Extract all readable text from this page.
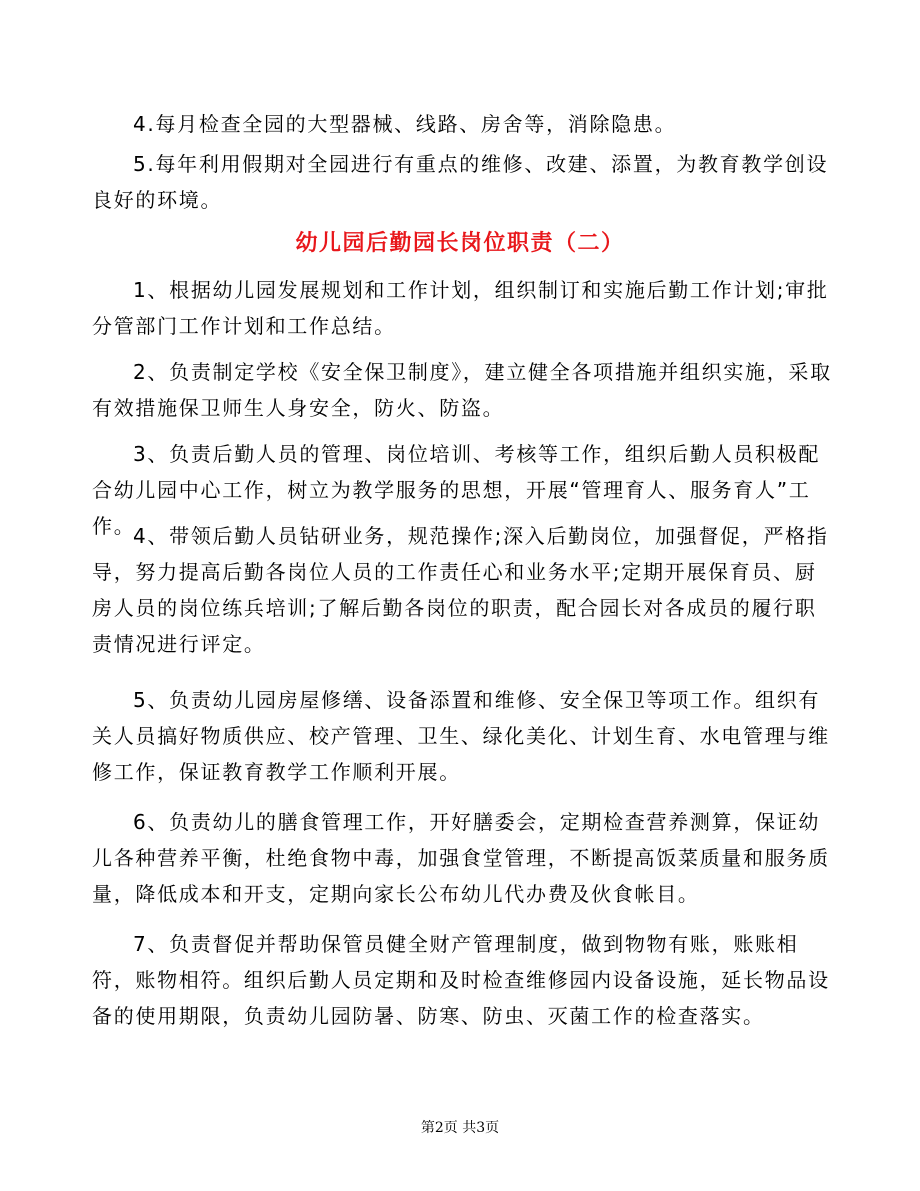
4.每月检查全园的大型器械、线路、房舍等，消除隐患。

5.每年利用假期对全园进行有重点的维修、改建、添置，为教育教学创设良好的环境。

幼儿园后勤园长岗位职责（二）

1、根据幼儿园发展规划和工作计划，组织制订和实施后勤工作计划;审批分管部门工作计划和工作总结。

2、负责制定学校《安全保卫制度》，建立健全各项措施并组织实施，采取有效措施保卫师生人身安全，防火、防盗。

3、负责后勤人员的管理、岗位培训、考核等工作，组织后勤人员积极配合幼儿园中心工作，树立为教学服务的思想，开展“管理育人、服务育人”工作。

4、带领后勤人员钻研业务，规范操作;深入后勤岗位，加强督促，严格指导，努力提高后勤各岗位人员的工作责任心和业务水平;定期开展保育员、厨房人员的岗位练兵培训;了解后勤各岗位的职责，配合园长对各成员的履行职责情况进行评定。

5、负责幼儿园房屋修缮、设备添置和维修、安全保卫等项工作。组织有关人员搞好物质供应、校产管理、卫生、绿化美化、计划生育、水电管理与维修工作，保证教育教学工作顺利开展。

6、负责幼儿的膳食管理工作，开好膳委会，定期检查营养测算，保证幼儿各种营养平衡，杜绝食物中毒，加强食堂管理，不断提高饭菜质量和服务质量，降低成本和开支，定期向家长公布幼儿代办费及伙食帐目。

7、负责督促并帮助保管员健全财产管理制度，做到物物有账，账账相符，账物相符。组织后勤人员定期和及时检查维修园内设备设施，延长物品设备的使用期限，负责幼儿园防暑、防寒、防虫、灭菌工作的检查落实。

第2页 共3页
